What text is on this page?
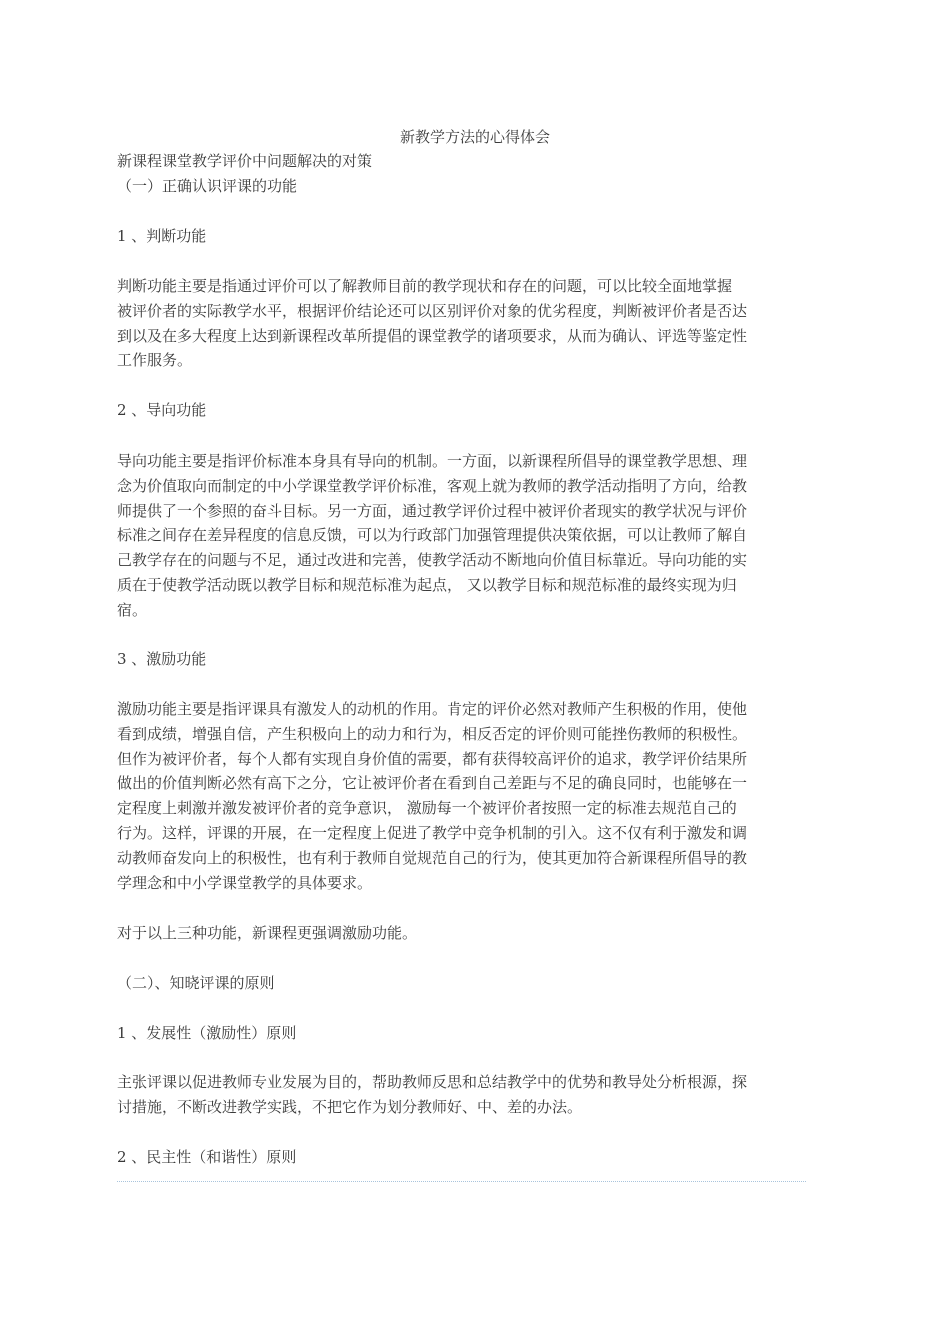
新教学方法的心得体会
新课程课堂教学评价中问题解决的对策
（一）正确认识评课的功能
1 、判断功能

判断功能主要是指通过评价可以了解教师目前的教学现状和存在的问题，可以比较全面地掌握

被评价者的实际教学水平，根据评价结论还可以区别评价对象的优劣程度，判断被评价者是否达

到以及在多大程度上达到新课程改革所提倡的课堂教学的诸项要求，从而为确认、评选等鉴定性

工作服务。

2 、导向功能

导向功能主要是指评价标准本身具有导向的机制。一方面，以新课程所倡导的课堂教学思想、理

念为价值取向而制定的中小学课堂教学评价标准，客观上就为教师的教学活动指明了方向，给教

师提供了一个参照的奋斗目标。另一方面，通过教学评价过程中被评价者现实的教学状况与评价

标准之间存在差异程度的信息反馈，可以为行政部门加强管理提供决策依据，可以让教师了解自

己教学存在的问题与不足，通过改进和完善，使教学活动不断地向价值目标靠近。导向功能的实

质在于使教学活动既以教学目标和规范标准为起点， 又以教学目标和规范标准的最终实现为归

宿。

3 、激励功能

激励功能主要是指评课具有激发人的动机的作用。肯定的评价必然对教师产生积极的作用，使他

看到成绩，增强自信，产生积极向上的动力和行为，相反否定的评价则可能挫伤教师的积极性。

但作为被评价者，每个人都有实现自身价值的需要，都有获得较高评价的追求，教学评价结果所

做出的价值判断必然有高下之分，它让被评价者在看到自己差距与不足的确良同时，也能够在一

定程度上刺激并激发被评价者的竞争意识， 激励每一个被评价者按照一定的标准去规范自己的

行为。这样，评课的开展，在一定程度上促进了教学中竞争机制的引入。这不仅有利于激发和调

动教师奋发向上的积极性，也有利于教师自觉规范自己的行为，使其更加符合新课程所倡导的教

学理念和中小学课堂教学的具体要求。

对于以上三种功能，新课程更强调激励功能。
（二）、知晓评课的原则
1 、发展性（激励性）原则

主张评课以促进教师专业发展为目的，帮助教师反思和总结教学中的优势和教导处分析根源，探

讨措施，不断改进教学实践，不把它作为划分教师好、中、差的办法。

2 、民主性（和谐性）原则
